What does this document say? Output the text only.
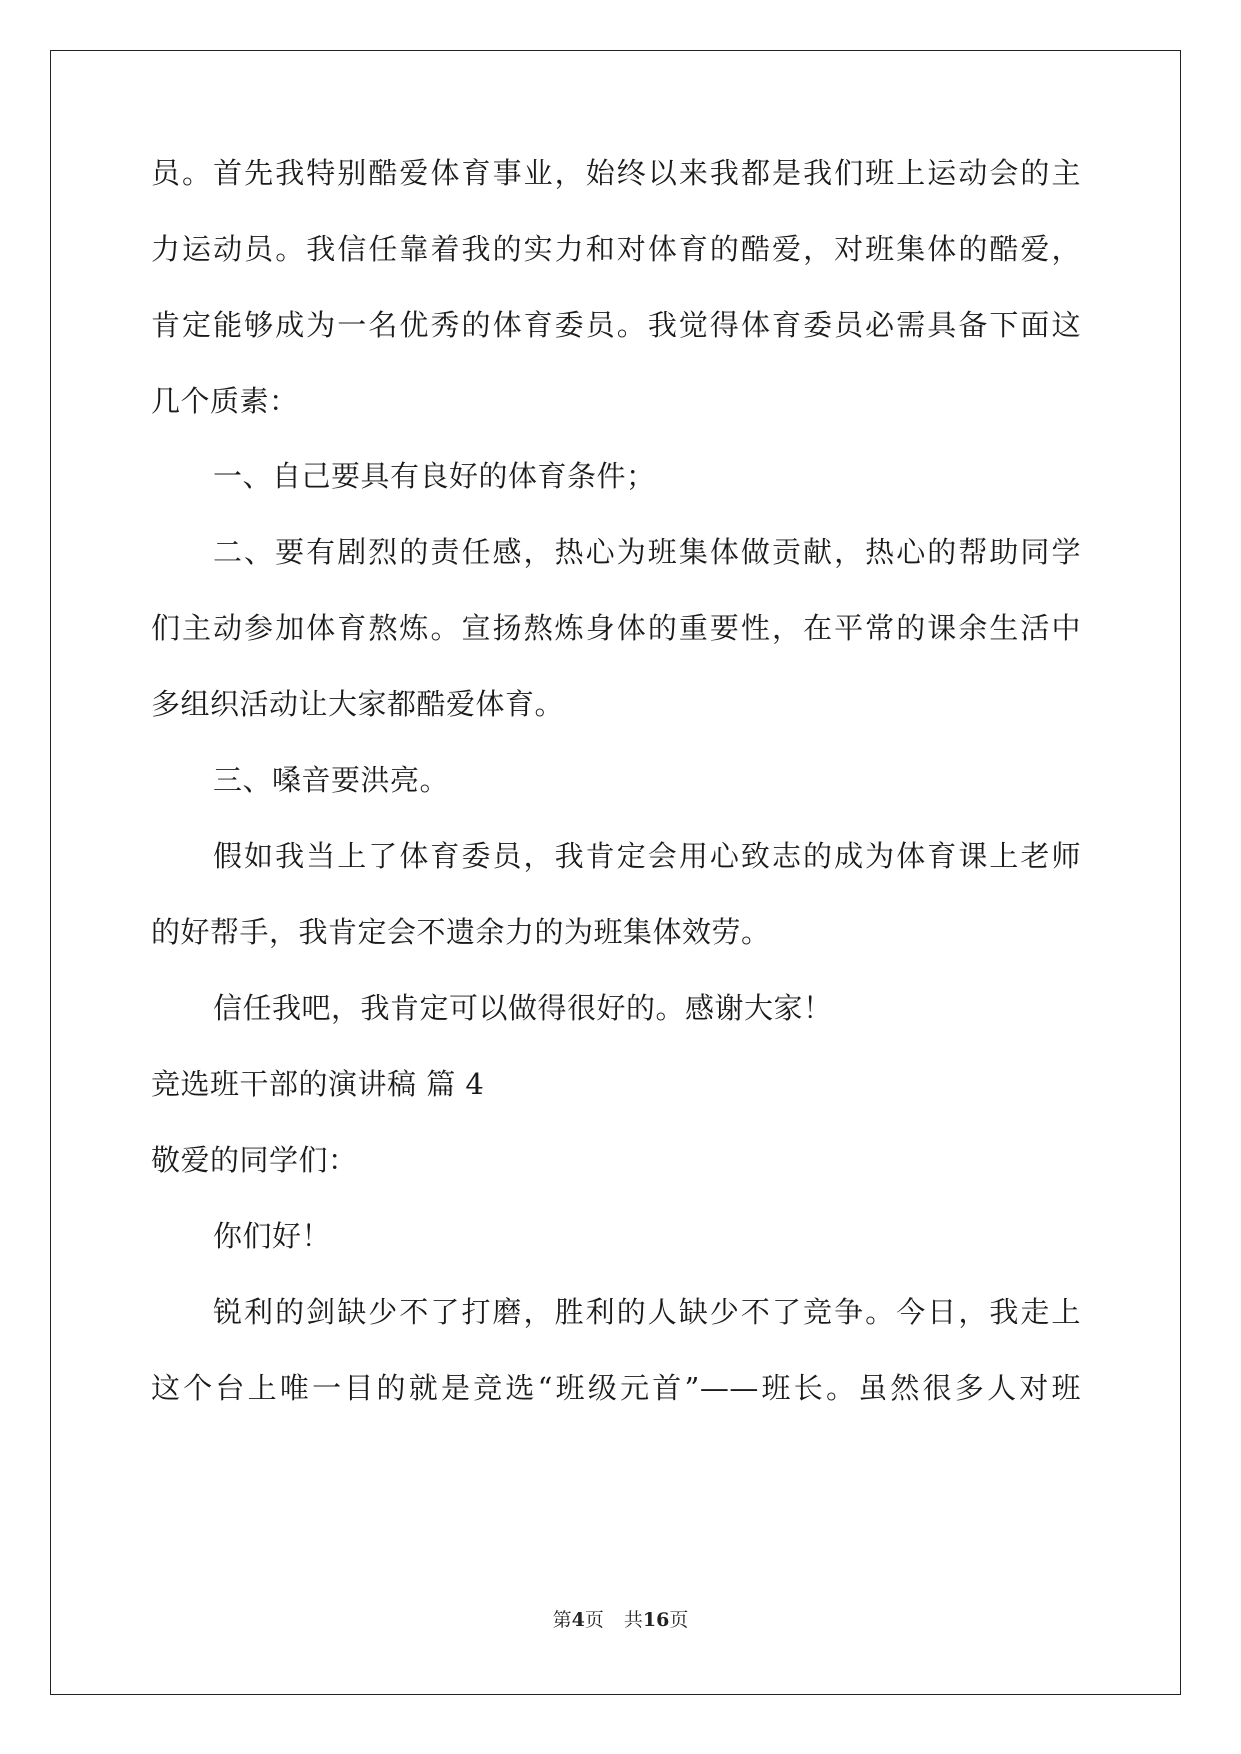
员。首先我特别酷爱体育事业，始终以来我都是我们班上运动会的主
力运动员。我信任靠着我的实力和对体育的酷爱，对班集体的酷爱，
肯定能够成为一名优秀的体育委员。我觉得体育委员必需具备下面这
几个质素：
一、自己要具有良好的体育条件；
二、要有剧烈的责任感，热心为班集体做贡献，热心的帮助同学
们主动参加体育熬炼。宣扬熬炼身体的重要性，在平常的课余生活中
多组织活动让大家都酷爱体育。
三、嗓音要洪亮。
假如我当上了体育委员，我肯定会用心致志的成为体育课上老师
的好帮手，我肯定会不遗余力的为班集体效劳。
信任我吧，我肯定可以做得很好的。感谢大家！
竞选班干部的演讲稿 篇 4
敬爱的同学们：
你们好！
锐利的剑缺少不了打磨，胜利的人缺少不了竞争。今日，我走上
这个台上唯一目的就是竞选“班级元首”——班长。虽然很多人对班
第4页 共16页
